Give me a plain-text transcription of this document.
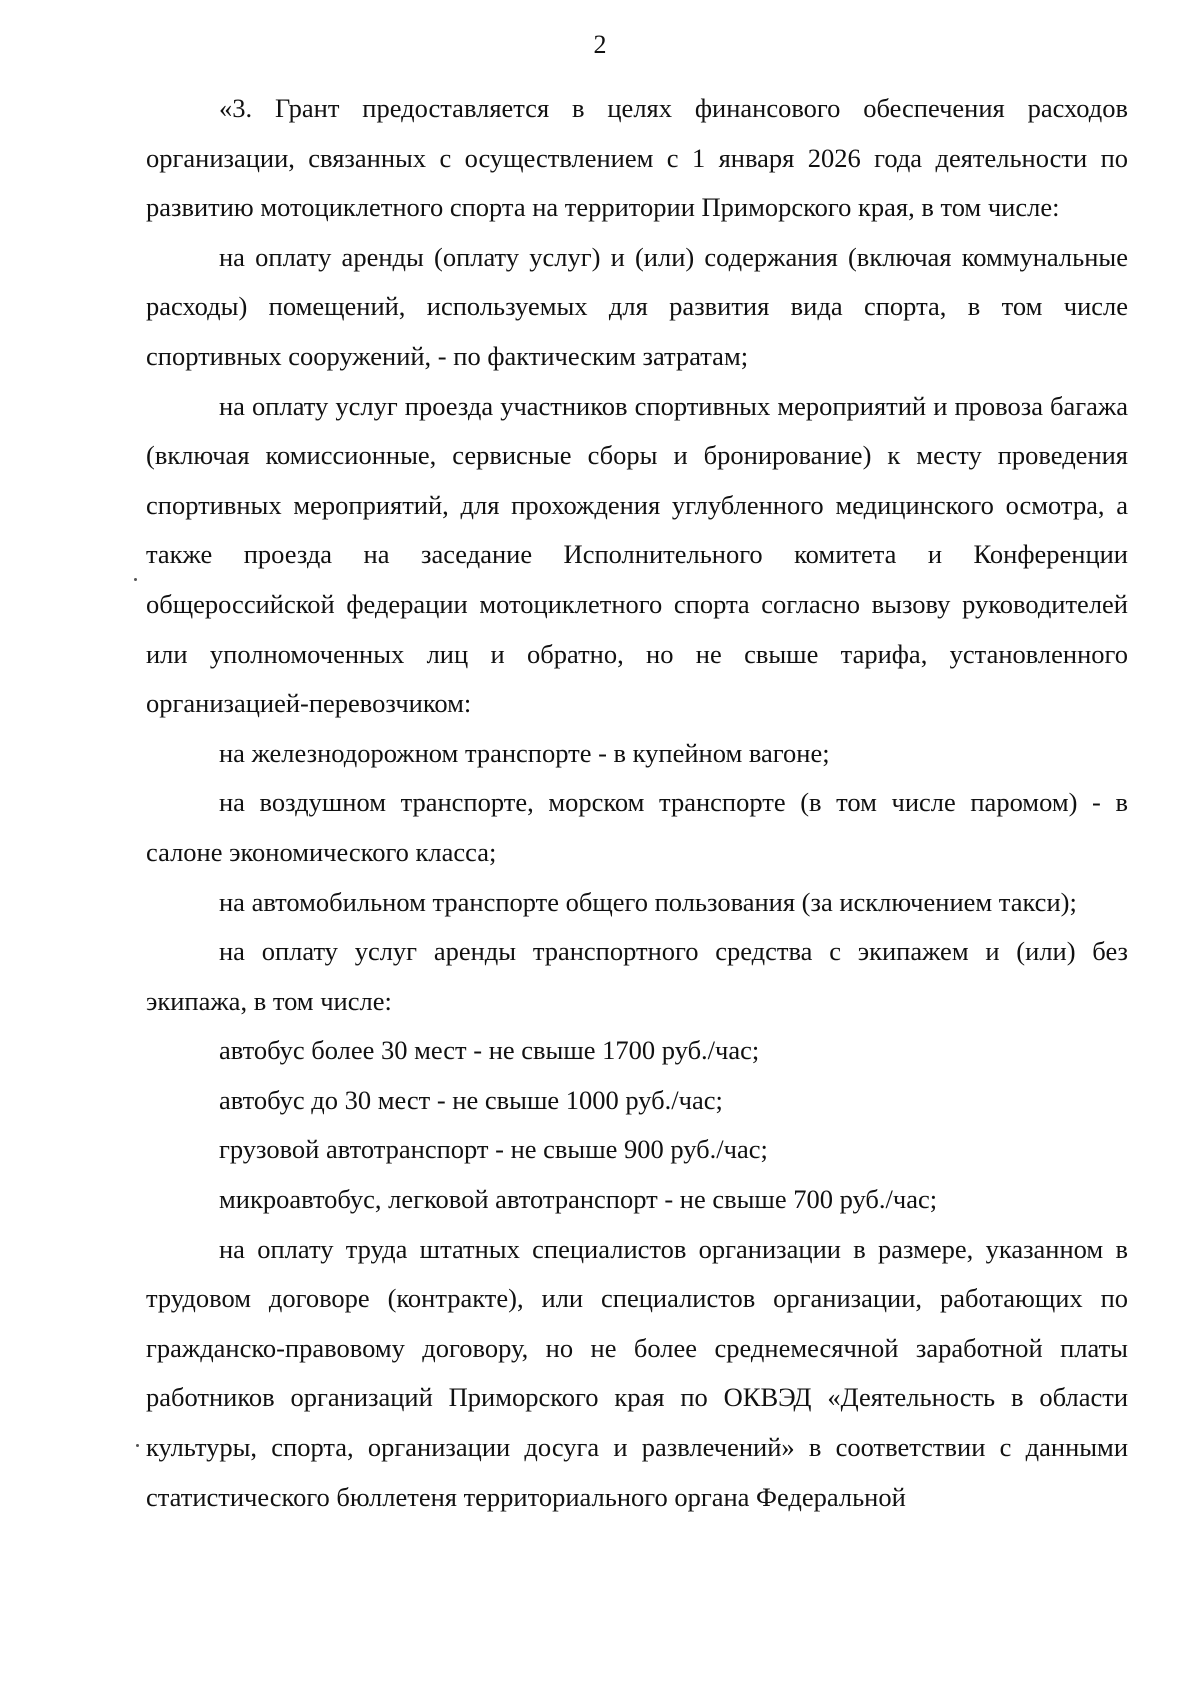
2

«3. Грант предоставляется в целях финансового обеспечения расходов организации, связанных с осуществлением с 1 января 2026 года деятельности по развитию мотоциклетного спорта на территории Приморского края, в том числе:

на оплату аренды (оплату услуг) и (или) содержания (включая коммунальные расходы) помещений, используемых для развития вида спорта, в том числе спортивных сооружений, - по фактическим затратам;

на оплату услуг проезда участников спортивных мероприятий и провоза багажа (включая комиссионные, сервисные сборы и бронирование) к месту проведения спортивных мероприятий, для прохождения углубленного медицинского осмотра, а также проезда на заседание Исполнительного комитета и Конференции общероссийской федерации мотоциклетного спорта согласно вызову руководителей или уполномоченных лиц и обратно, но не свыше тарифа, установленного организацией-перевозчиком:

на железнодорожном транспорте - в купейном вагоне;

на воздушном транспорте, морском транспорте (в том числе паромом) - в салоне экономического класса;

на автомобильном транспорте общего пользования (за исключением такси);

на оплату услуг аренды транспортного средства с экипажем и (или) без экипажа, в том числе:

автобус более 30 мест - не свыше 1700 руб./час;

автобус до 30 мест - не свыше 1000 руб./час;

грузовой автотранспорт - не свыше 900 руб./час;

микроавтобус, легковой автотранспорт - не свыше 700 руб./час;

на оплату труда штатных специалистов организации в размере, указанном в трудовом договоре (контракте), или специалистов организации, работающих по гражданско-правовому договору, но не более среднемесячной заработной платы работников организаций Приморского края по ОКВЭД «Деятельность в области культуры, спорта, организации досуга и развлечений» в соответствии с данными статистического бюллетеня территориального органа Федеральной
